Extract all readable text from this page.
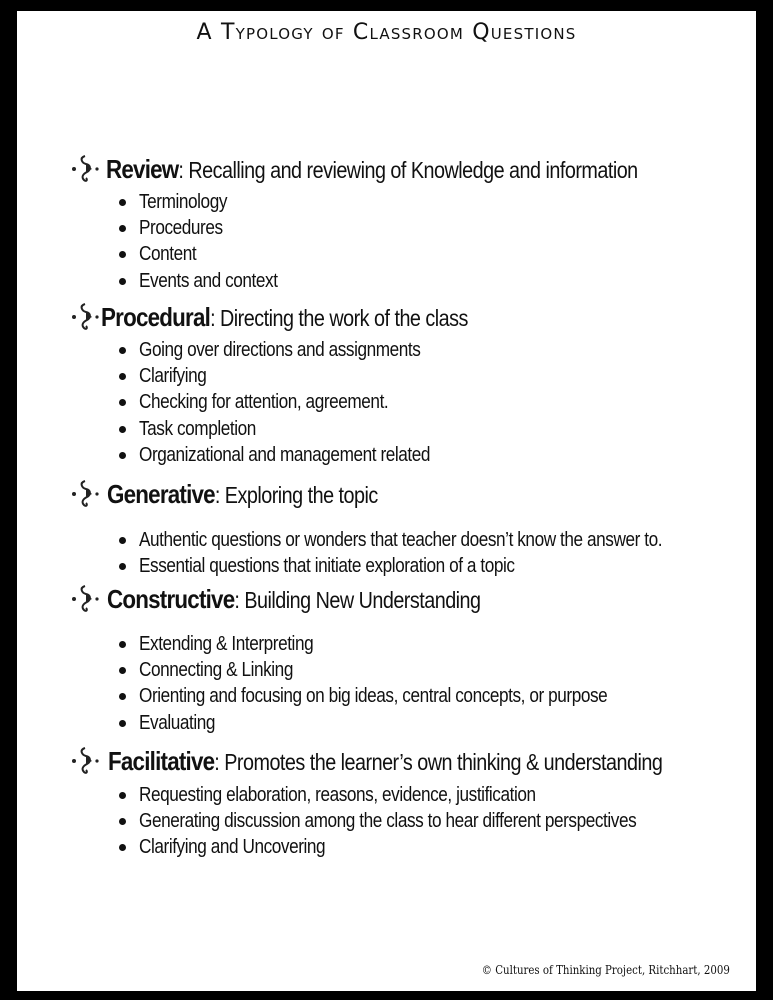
A Typology of Classroom Questions
Review: Recalling and reviewing of Knowledge and information
Terminology
Procedures
Content
Events and context
Procedural: Directing the work of the class
Going over directions and assignments
Clarifying
Checking for attention, agreement.
Task completion
Organizational and management related
Generative: Exploring the topic
Authentic questions or wonders that teacher doesn’t know the answer to.
Essential questions that initiate exploration of a topic
Constructive: Building New Understanding
Extending & Interpreting
Connecting & Linking
Orienting and focusing on big ideas, central concepts, or purpose
Evaluating
Facilitative: Promotes the learner’s own thinking & understanding
Requesting elaboration, reasons, evidence, justification
Generating discussion among the class to hear different perspectives
Clarifying and Uncovering
© Cultures of Thinking Project, Ritchhart, 2009
